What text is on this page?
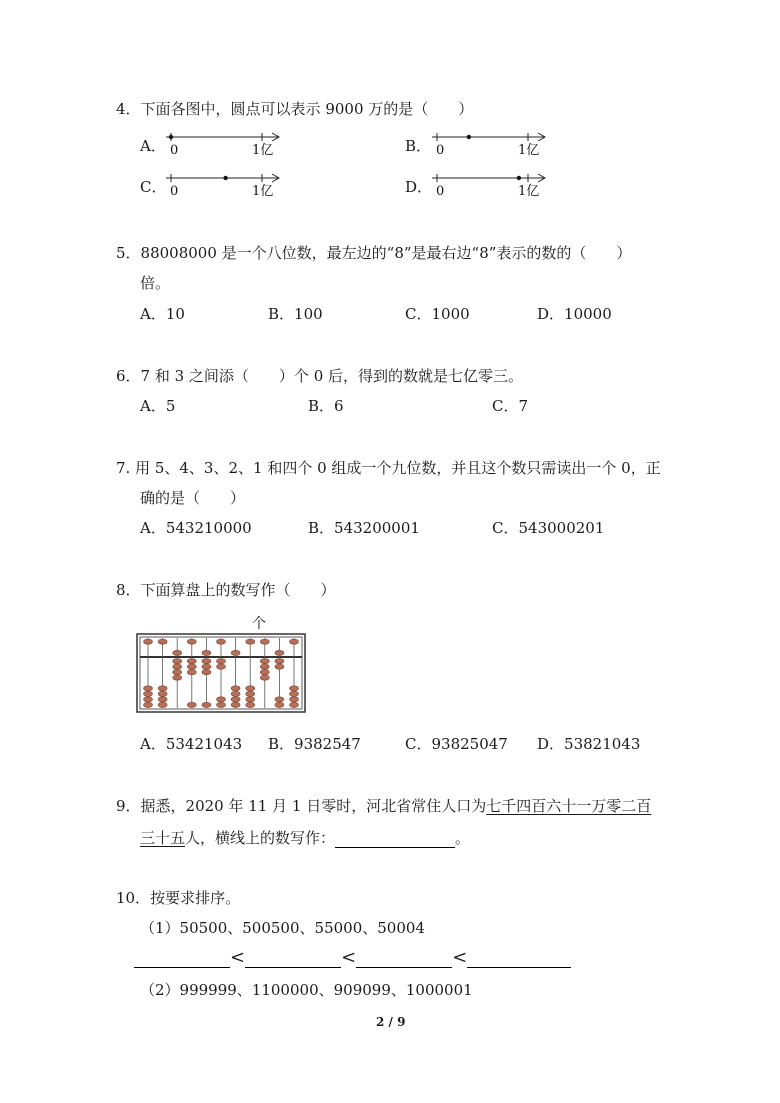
4．下面各图中，圆点可以表示 9000 万的是（　　）
A． 0	1亿	B． 0	1亿
C． 0	1亿	D． 0	1亿
5．88008000 是一个八位数，最左边的“8”是最右边“8”表示的数的（　　）
倍。
A．10	B．100	C．1000	D．10000
6．7 和 3 之间添（　　）个 0 后，得到的数就是七亿零三。
A．5	B．6	C．7
7. 用 5、4、3、2、1 和四个 0 组成一个九位数，并且这个数只需读出一个 0，正
确的是（　　）
A．543210000	B．543200001	C．543000201
8．下面算盘上的数写作（　　）
个
A．53421043 B．9382547	C．93825047 D．53821043
9．据悉，2020 年 11 月 1 日零时，河北省常住人口为七千四百六十一万零二百
三十五人，横线上的数写作：	。
10．按要求排序。
（1）50500、500500、55000、50004
<	<	<
（2）999999、1100000、909099、1000001
2 / 9
